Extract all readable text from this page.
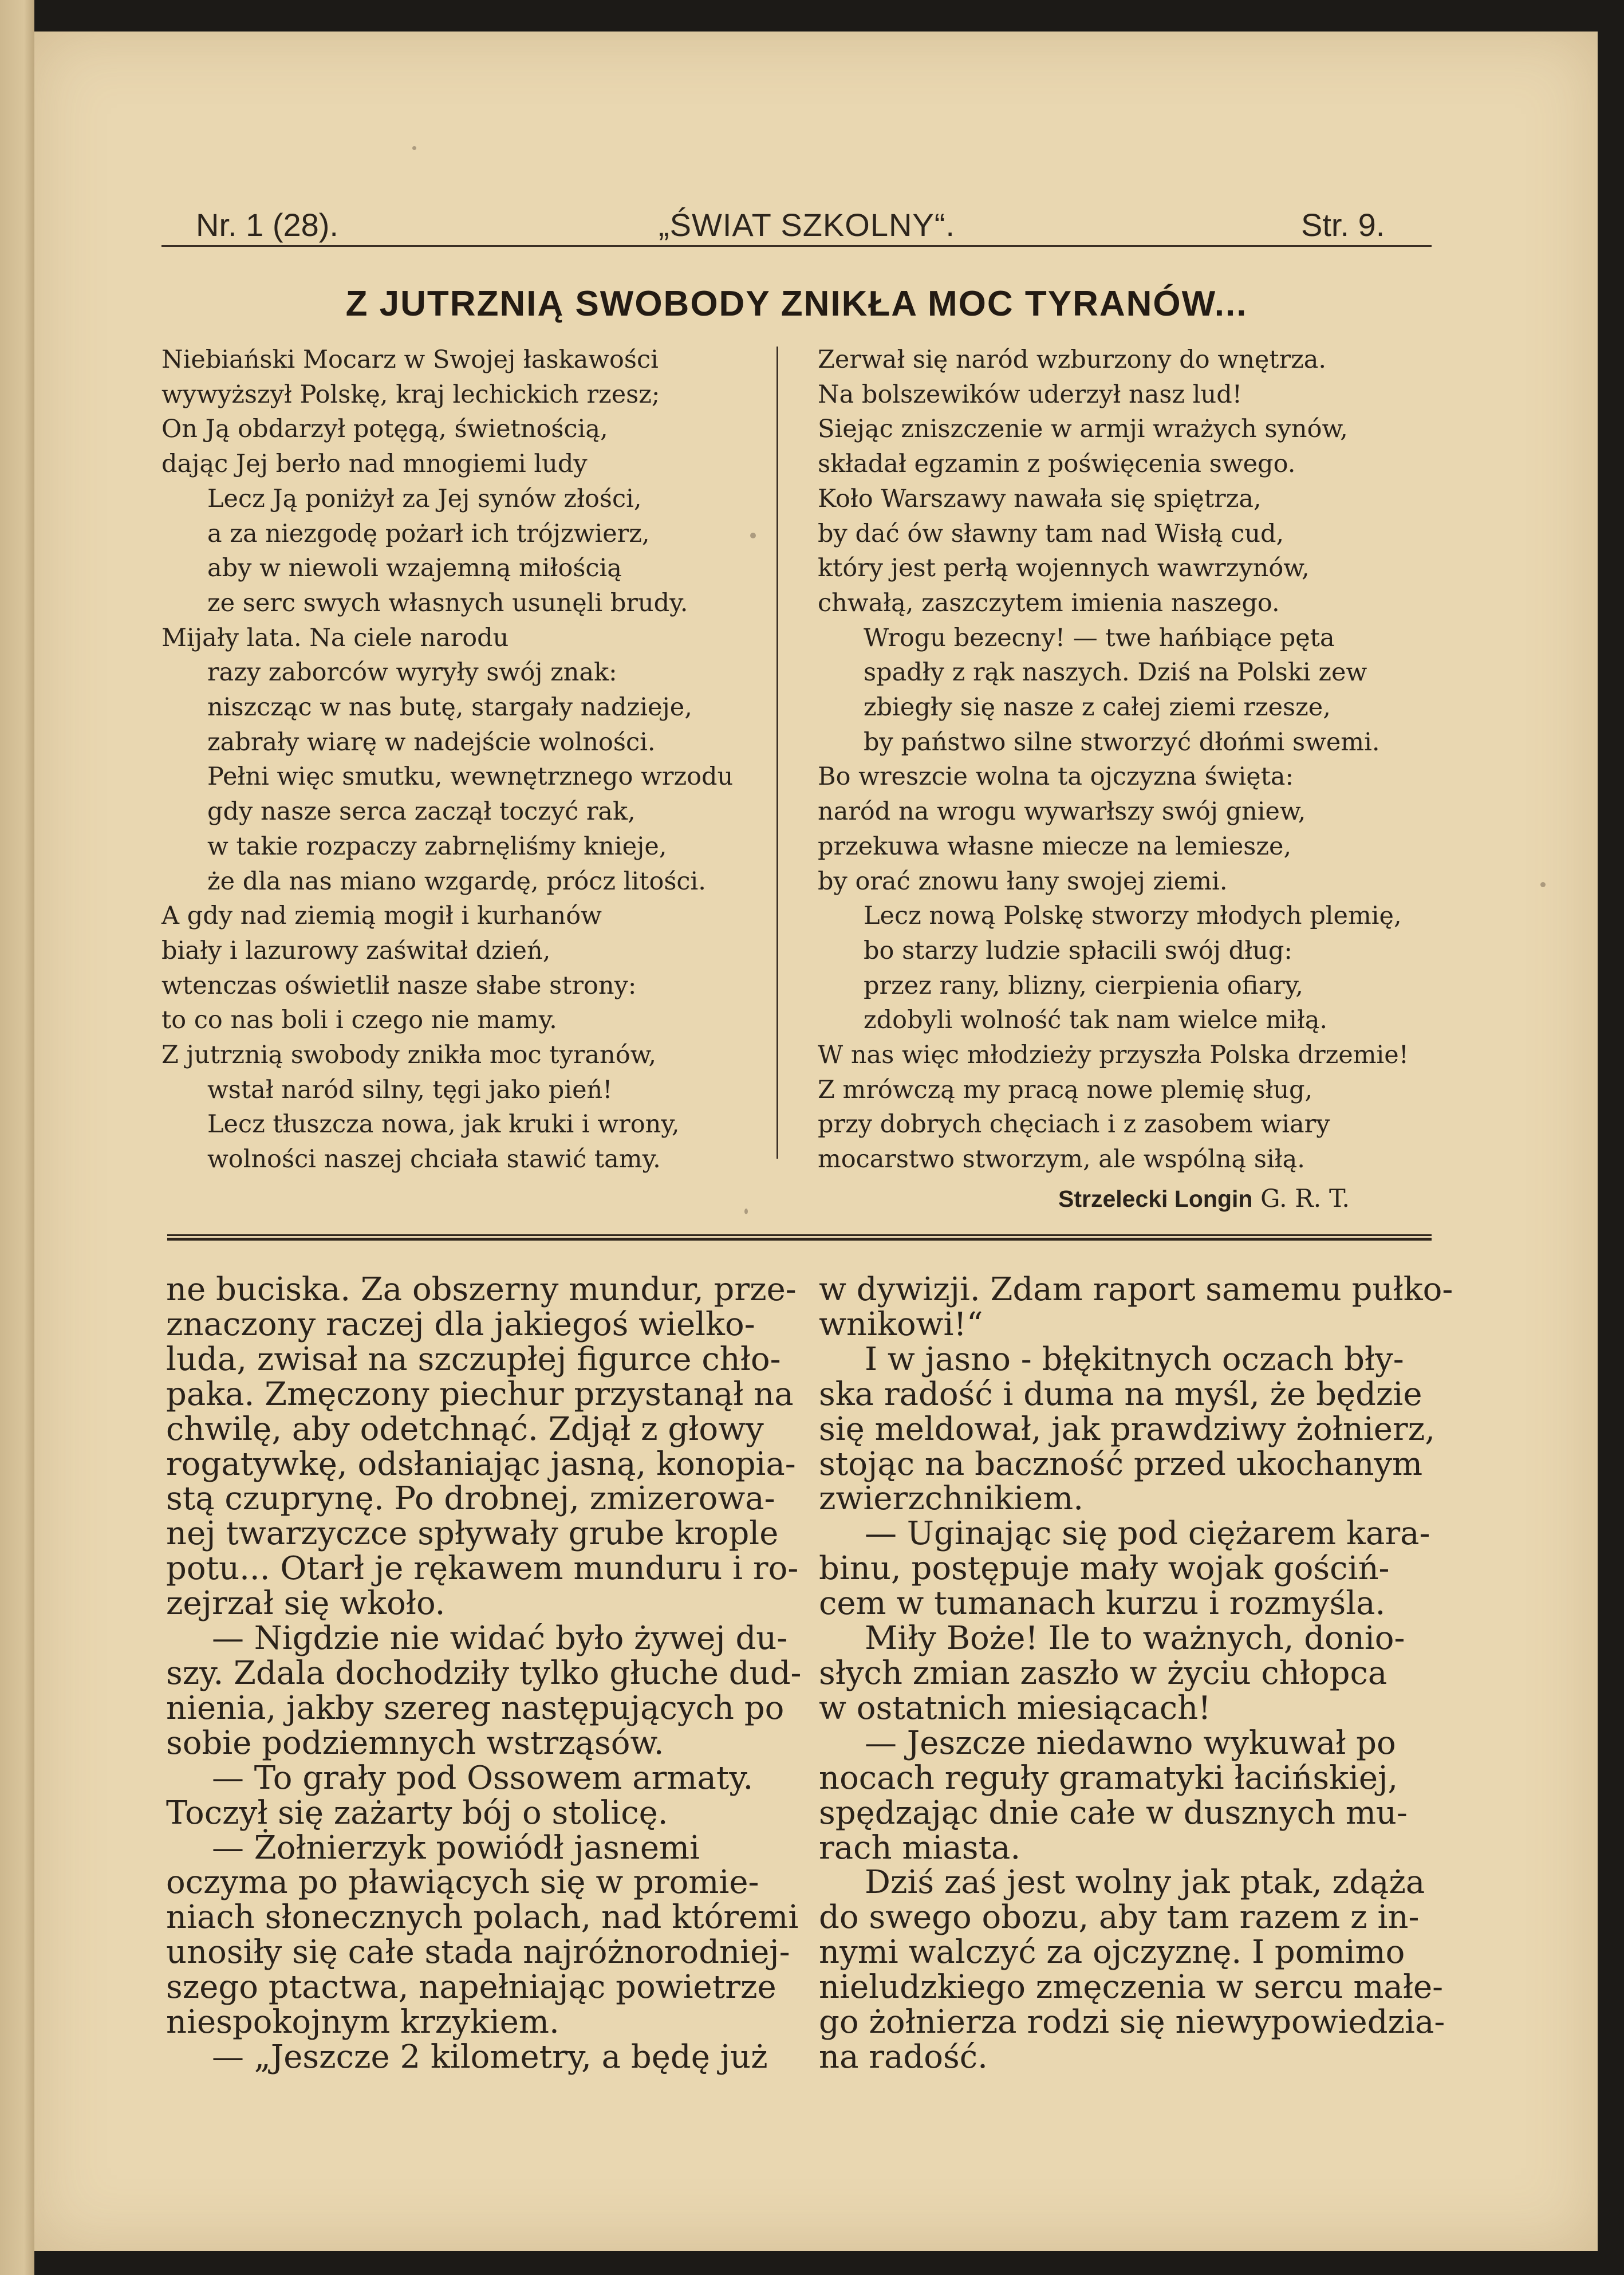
Nr. 1 (28).	„ŚWIAT SZKOLNY“.	Str. 9.
Z JUTRZNIĄ SWOBODY ZNIKŁA MOC TYRANÓW...
Niebiański Mocarz w Swojej łaskawości
wywyższył Polskę, kraj lechickich rzesz;
On Ją obdarzył potęgą, świetnością,
dając Jej berło nad mnogiemi ludy
Lecz Ją poniżył za Jej synów złości,
a za niezgodę pożarł ich trójzwierz,
aby w niewoli wzajemną miłością
ze serc swych własnych usunęli brudy.
Mijały lata. Na ciele narodu
razy zaborców wyryły swój znak:
niszcząc w nas butę, stargały nadzieje,
zabrały wiarę w nadejście wolności.
Pełni więc smutku, wewnętrznego wrzodu
gdy nasze serca zaczął toczyć rak,
w takie rozpaczy zabrnęliśmy knieje,
że dla nas miano wzgardę, prócz litości.
A gdy nad ziemią mogił i kurhanów
biały i lazurowy zaświtał dzień,
wtenczas oświetlił nasze słabe strony:
to co nas boli i czego nie mamy.
Z jutrznią swobody znikła moc tyranów,
wstał naród silny, tęgi jako pień!
Lecz tłuszcza nowa, jak kruki i wrony,
wolności naszej chciała stawić tamy.
Zerwał się naród wzburzony do wnętrza.
Na bolszewików uderzył nasz lud!
Siejąc zniszczenie w armji wrażych synów,
składał egzamin z poświęcenia swego.
Koło Warszawy nawała się spiętrza,
by dać ów sławny tam nad Wisłą cud,
który jest perłą wojennych wawrzynów,
chwałą, zaszczytem imienia naszego.
Wrogu bezecny! — twe hańbiące pęta
spadły z rąk naszych. Dziś na Polski zew
zbiegły się nasze z całej ziemi rzesze,
by państwo silne stworzyć dłońmi swemi.
Bo wreszcie wolna ta ojczyzna święta:
naród na wrogu wywarłszy swój gniew,
przekuwa własne miecze na lemiesze,
by orać znowu łany swojej ziemi.
Lecz nową Polskę stworzy młodych plemię,
bo starzy ludzie spłacili swój dług:
przez rany, blizny, cierpienia ofiary,
zdobyli wolność tak nam wielce miłą.
W nas więc młodzieży przyszła Polska drzemie!
Z mrówczą my pracą nowe plemię sług,
przy dobrych chęciach i z zasobem wiary
mocarstwo stworzym, ale wspólną siłą.
Strzelecki Longin G. R. T.
ne buciska. Za obszerny mundur, prze-
znaczony raczej dla jakiegoś wielko-
luda, zwisał na szczupłej figurce chło-
paka. Zmęczony piechur przystanął na
chwilę, aby odetchnąć. Zdjął z głowy
rogatywkę, odsłaniając jasną, konopia-
stą czuprynę. Po drobnej, zmizerowa-
nej twarzyczce spływały grube krople
potu... Otarł je rękawem munduru i ro-
zejrzał się wkoło.
— Nigdzie nie widać było żywej du-
szy. Zdala dochodziły tylko głuche dud-
nienia, jakby szereg następujących po
sobie podziemnych wstrząsów.
— To grały pod Ossowem armaty.
Toczył się zażarty bój o stolicę.
— Żołnierzyk powiódł jasnemi
oczyma po pławiących się w promie-
niach słonecznych polach, nad któremi
unosiły się całe stada najróżnorodniej-
szego ptactwa, napełniając powietrze
niespokojnym krzykiem.
— „Jeszcze 2 kilometry, a będę już
w dywizji. Zdam raport samemu pułko-
wnikowi!“
I w jasno - błękitnych oczach bły-
ska radość i duma na myśl, że będzie
się meldował, jak prawdziwy żołnierz,
stojąc na baczność przed ukochanym
zwierzchnikiem.
— Uginając się pod ciężarem kara-
binu, postępuje mały wojak gościń-
cem w tumanach kurzu i rozmyśla.
Miły Boże! Ile to ważnych, donio-
słych zmian zaszło w życiu chłopca
w ostatnich miesiącach!
— Jeszcze niedawno wykuwał po
nocach reguły gramatyki łacińskiej,
spędzając dnie całe w dusznych mu-
rach miasta.
Dziś zaś jest wolny jak ptak, zdąża
do swego obozu, aby tam razem z in-
nymi walczyć za ojczyznę. I pomimo
nieludzkiego zmęczenia w sercu małe-
go żołnierza rodzi się niewypowiedzia-
na radość.
